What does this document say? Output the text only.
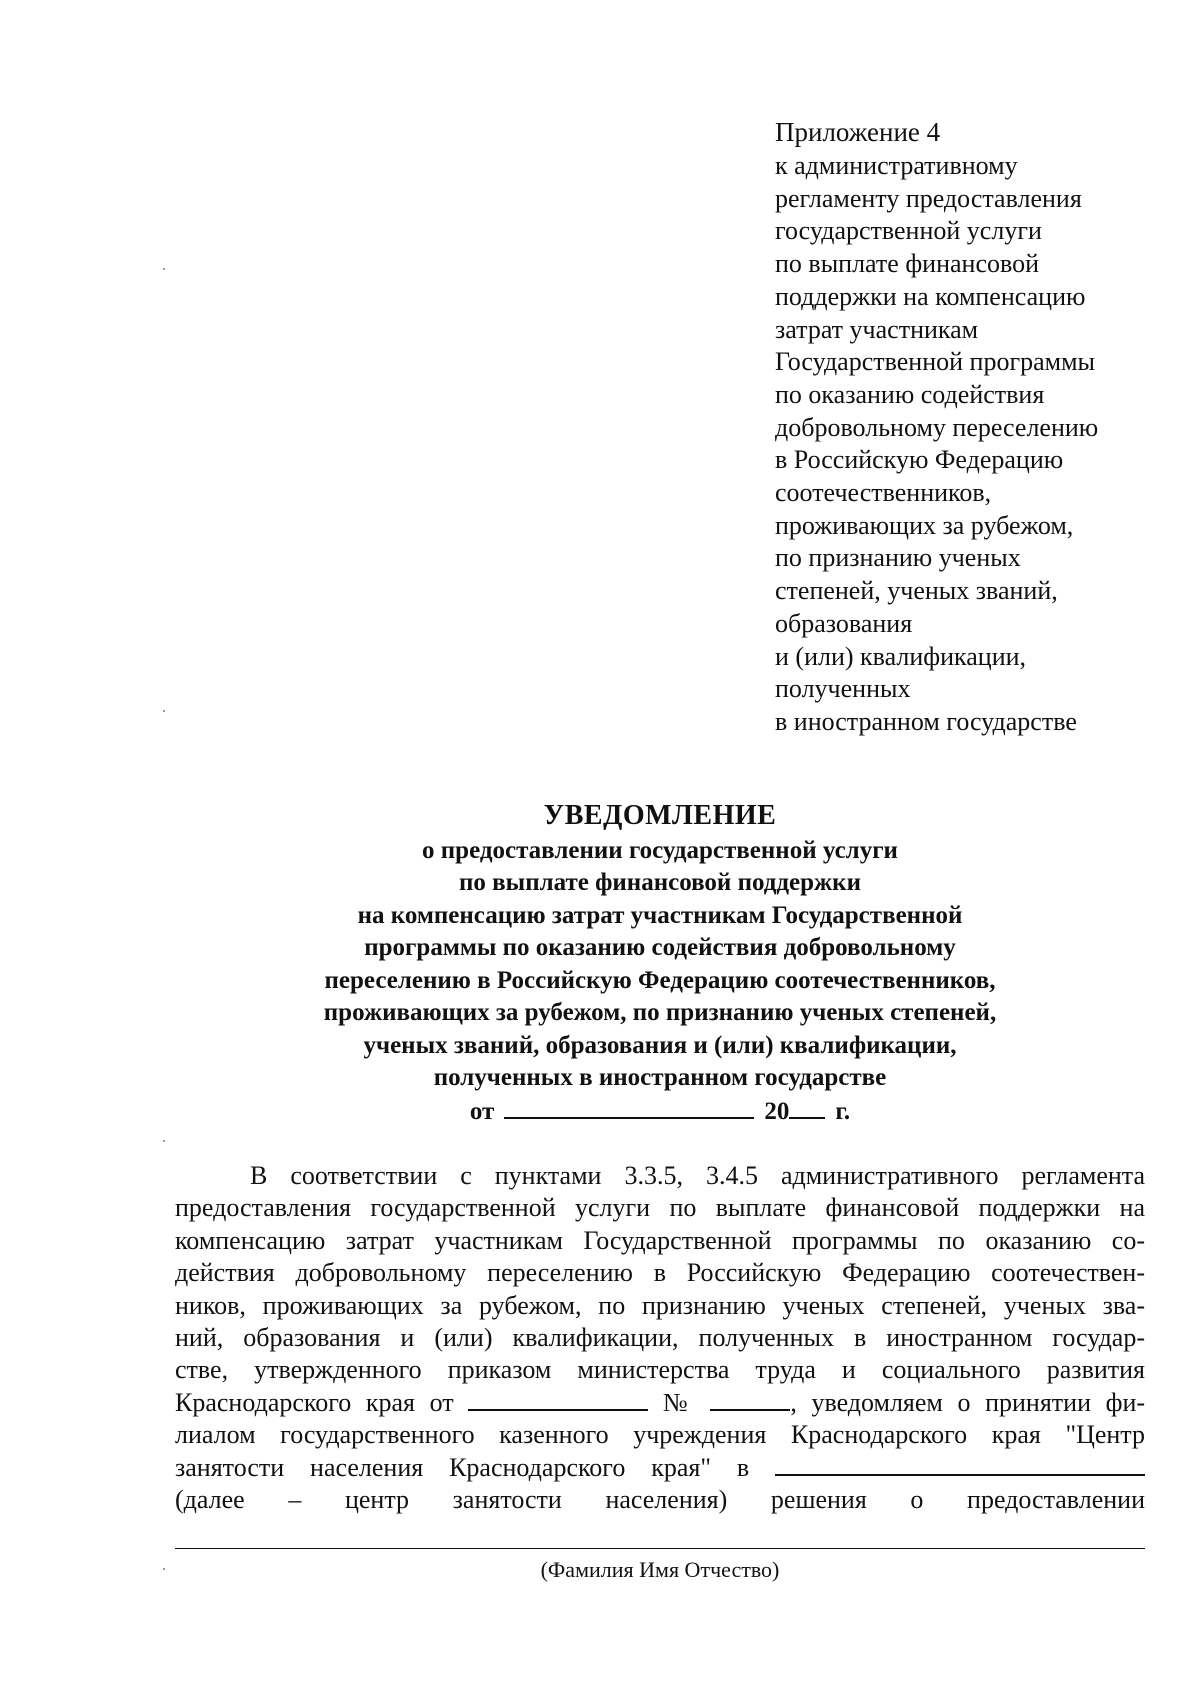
Приложение 4
к административному
регламенту предоставления
государственной услуги
по выплате финансовой
поддержки на компенсацию
затрат участникам
Государственной программы
по оказанию содействия
добровольному переселению
в Российскую Федерацию
соотечественников,
проживающих за рубежом,
по признанию ученых
степеней, ученых званий,
образования
и (или) квалификации,
полученных
в иностранном государстве
УВЕДОМЛЕНИЕ
о предоставлении государственной услуги
по выплате финансовой поддержки
на компенсацию затрат участникам Государственной
программы по оказанию содействия добровольному
переселению в Российскую Федерацию соотечественников,
проживающих за рубежом, по признанию ученых степеней,
ученых званий, образования и (или) квалификации,
полученных в иностранном государстве
от	20 г.
В соответствии с пунктами 3.3.5, 3.4.5 административного регламента
предоставления государственной услуги по выплате финансовой поддержки на
компенсацию затрат участникам Государственной программы по оказанию со-
действия добровольному переселению в Российскую Федерацию соотечествен-
ников, проживающих за рубежом, по признанию ученых степеней, ученых зва-
ний, образования и (или) квалификации, полученных в иностранном государ-
стве, утвержденного приказом министерства труда и социального развития
Краснодарского края от	№	, уведомляем о принятии фи-
лиалом государственного казенного учреждения Краснодарского края "Центр
занятости населения Краснодарского края" в
(далее – центр занятости населения) решения о предоставлении
(Фамилия Имя Отчество)
